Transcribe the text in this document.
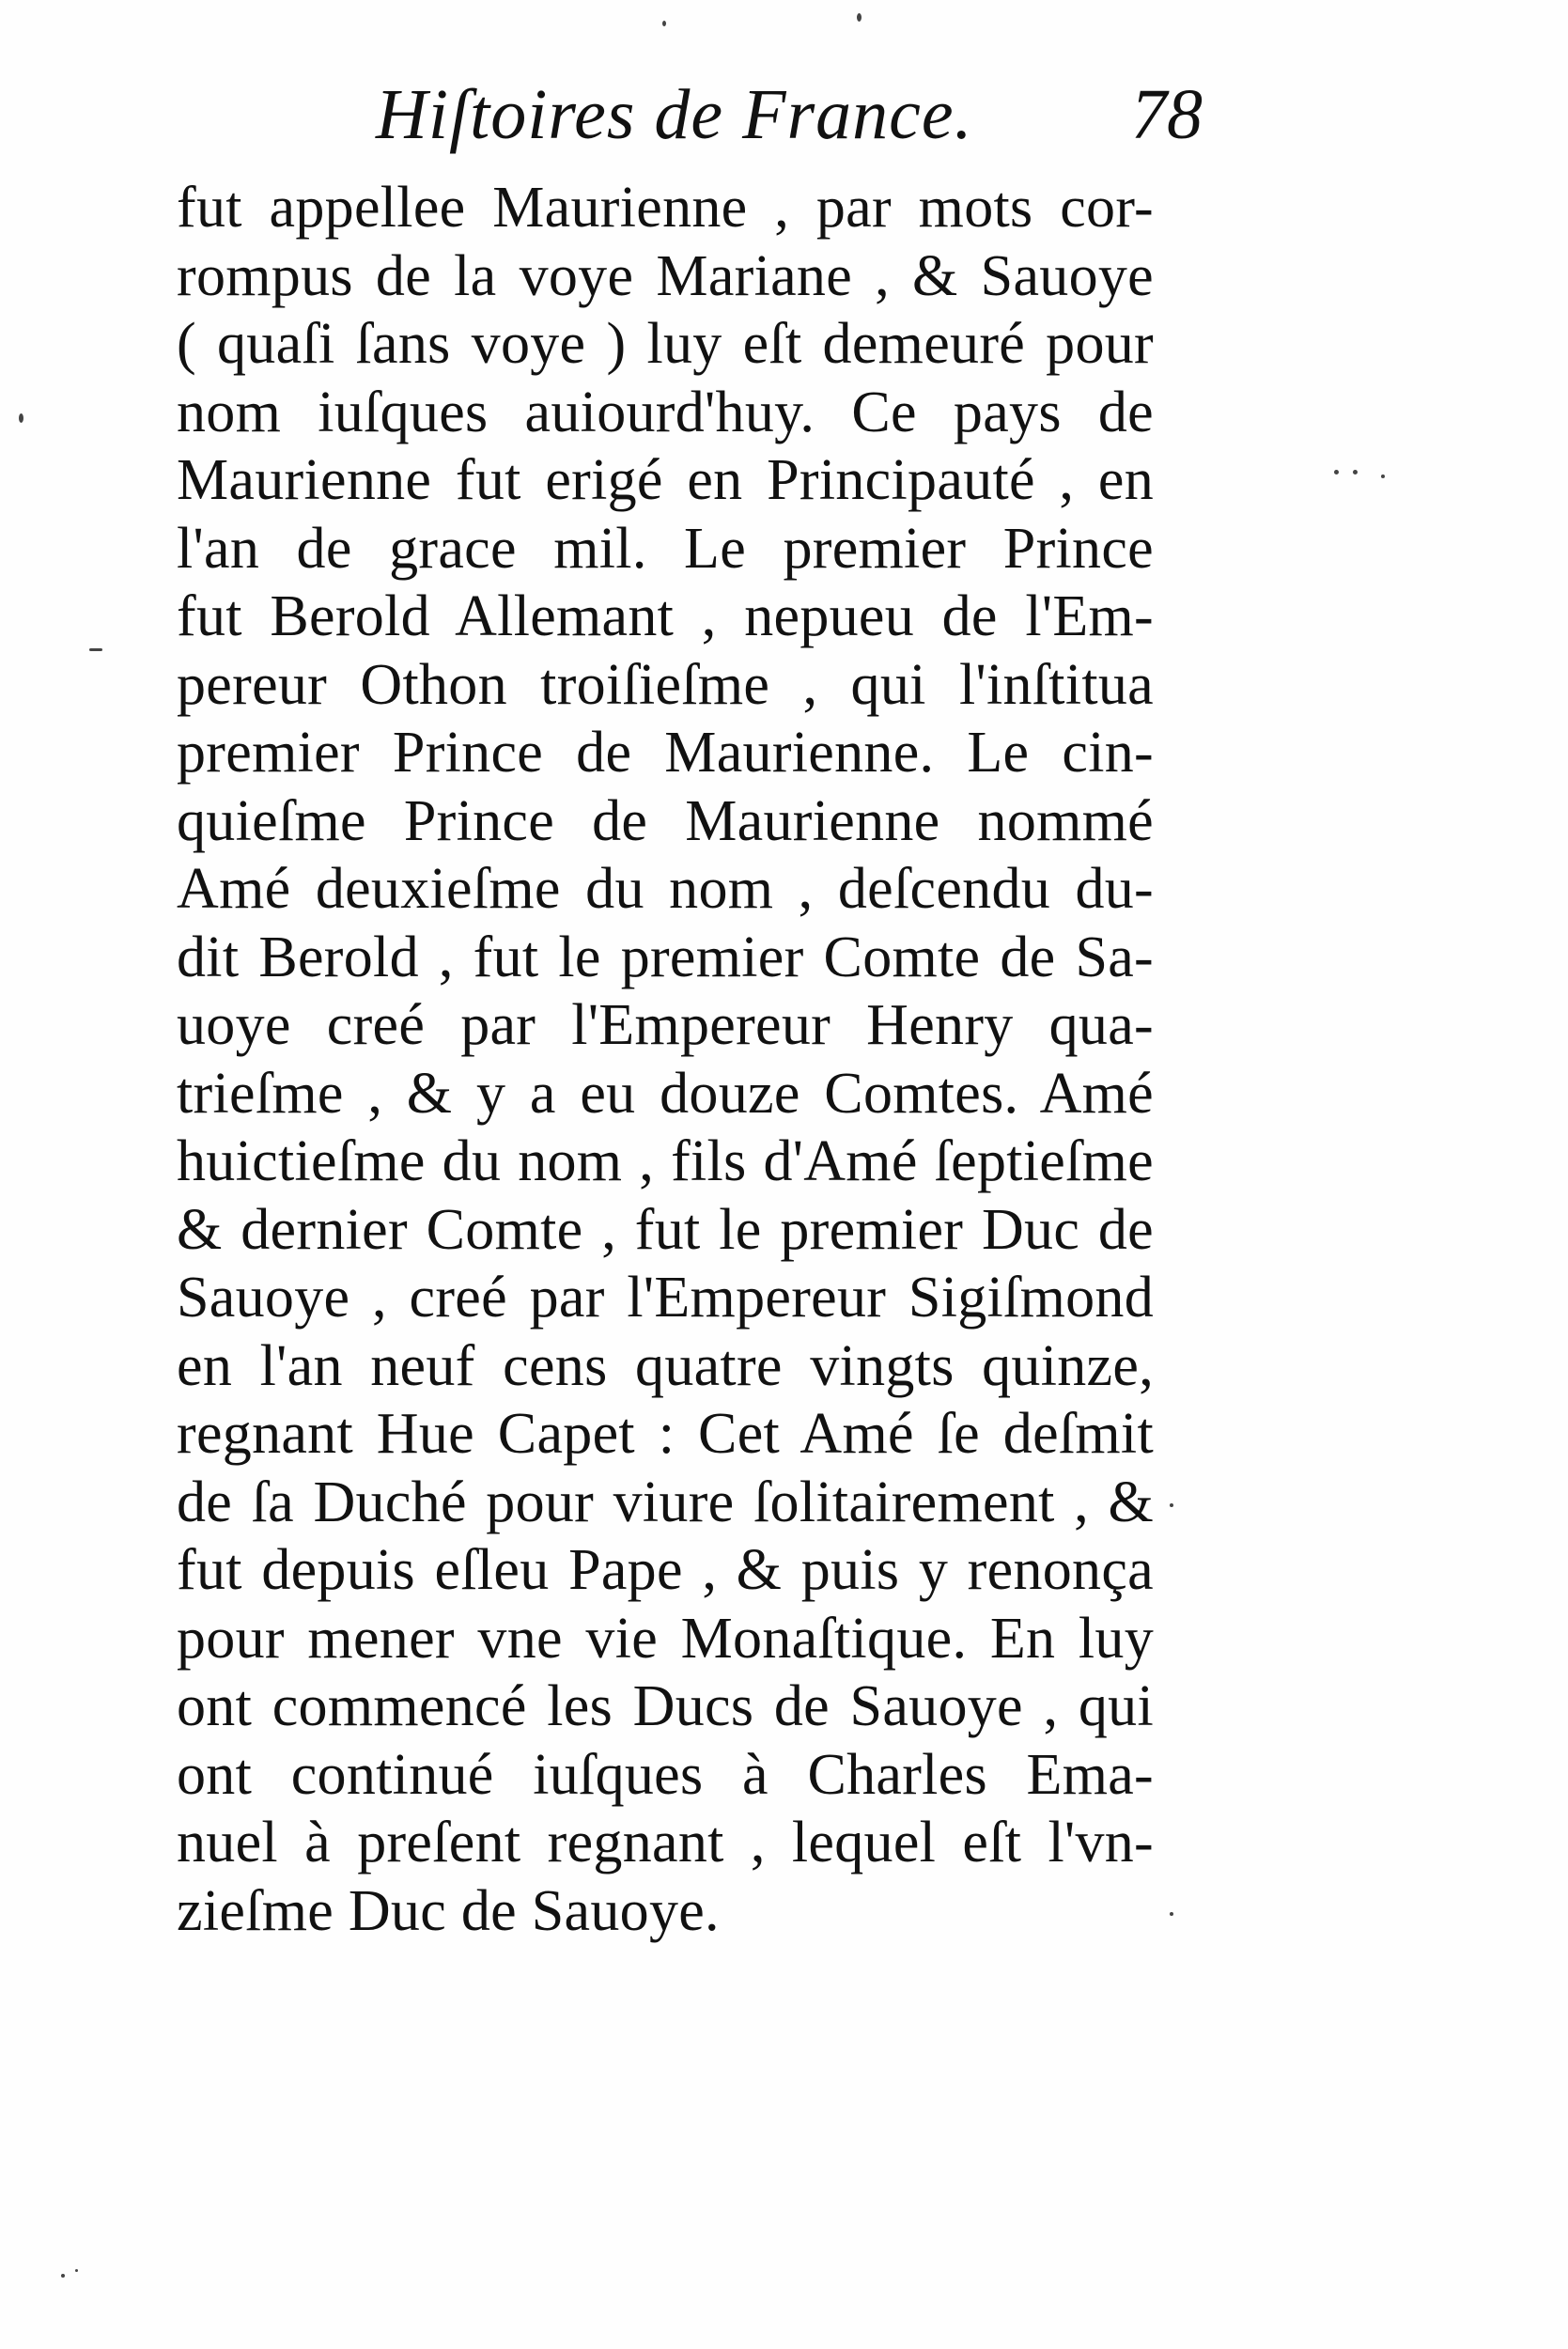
Hiſtoires de France. 78
fut appellee Maurienne , par mots cor-
rompus de la voye Mariane , & Sauoye
( quaſi ſans voye ) luy eſt demeuré pour
nom iuſques auiourd'huy. Ce pays de
Maurienne fut erigé en Principauté , en
l'an de grace mil. Le premier Prince
fut Berold Allemant , nepueu de l'Em-
pereur Othon troiſieſme , qui l'inſtitua
premier Prince de Maurienne. Le cin-
quieſme Prince de Maurienne nommé
Amé deuxieſme du nom , deſcendu du-
dit Berold , fut le premier Comte de Sa-
uoye creé par l'Empereur Henry qua-
trieſme , & y a eu douze Comtes. Amé
huictieſme du nom , fils d'Amé ſeptieſme
& dernier Comte , fut le premier Duc de
Sauoye , creé par l'Empereur Sigiſmond
en l'an neuf cens quatre vingts quinze,
regnant Hue Capet : Cet Amé ſe deſmit
de ſa Duché pour viure ſolitairement , &
fut depuis eſleu Pape , & puis y renonça
pour mener vne vie Monaſtique. En luy
ont commencé les Ducs de Sauoye , qui
ont continué iuſques à Charles Ema-
nuel à preſent regnant , lequel eſt l'vn-
zieſme Duc de Sauoye.
